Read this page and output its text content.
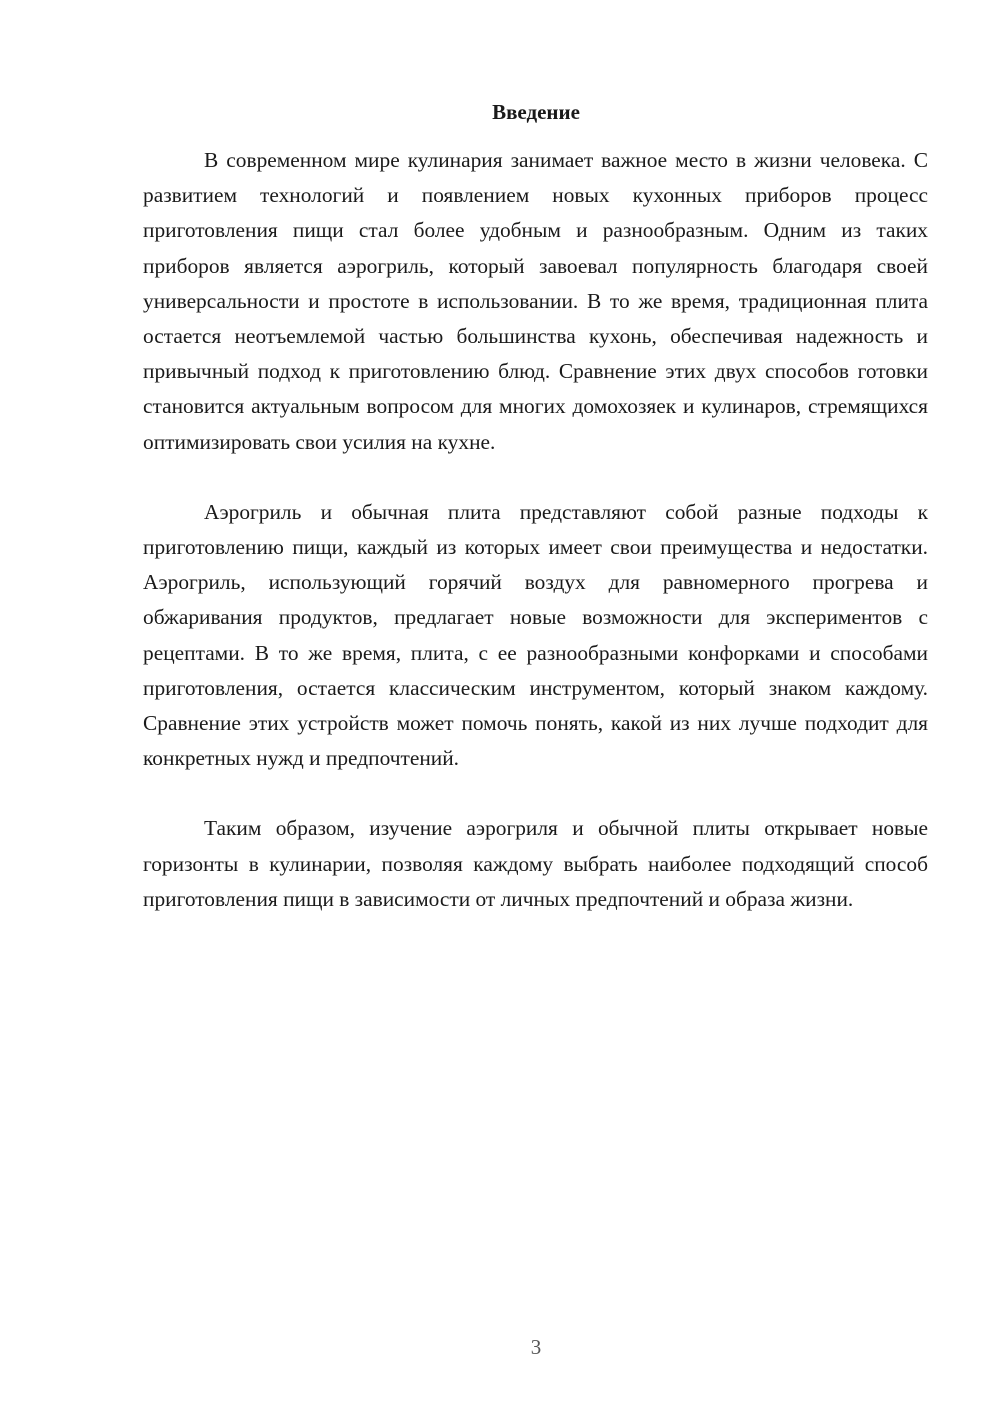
Введение

В современном мире кулинария занимает важное место в жизни человека. С развитием технологий и появлением новых кухонных приборов процесс приготовления пищи стал более удобным и разнообразным. Одним из таких приборов является аэрогриль, который завоевал популярность благодаря своей универсальности и простоте в использовании. В то же время, традиционная плита остается неотъемлемой частью большинства кухонь, обеспечивая надежность и привычный подход к приготовлению блюд. Сравнение этих двух способов готовки становится актуальным вопросом для многих домохозяек и кулинаров, стремящихся оптимизировать свои усилия на кухне.

Аэрогриль и обычная плита представляют собой разные подходы к приготовлению пищи, каждый из которых имеет свои преимущества и недостатки. Аэрогриль, использующий горячий воздух для равномерного прогрева и обжаривания продуктов, предлагает новые возможности для экспериментов с рецептами. В то же время, плита, с ее разнообразными конфорками и способами приготовления, остается классическим инструментом, который знаком каждому. Сравнение этих устройств может помочь понять, какой из них лучше подходит для конкретных нужд и предпочтений.

Таким образом, изучение аэрогриля и обычной плиты открывает новые горизонты в кулинарии, позволяя каждому выбрать наиболее подходящий способ приготовления пищи в зависимости от личных предпочтений и образа жизни.

3
